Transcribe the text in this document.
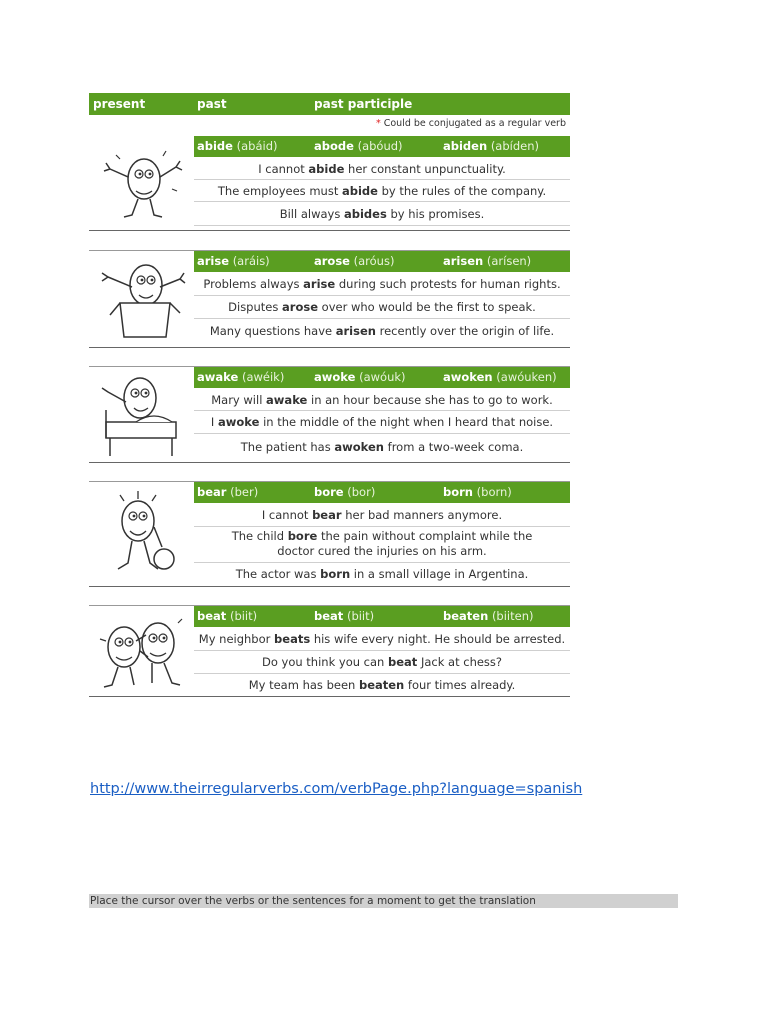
present	past	past participle
* Could be conjugated as a regular verb
abide (abáid)	abode (abóud)	abiden (abíden)
I cannot abide her constant unpunctuality.
The employees must abide by the rules of the company.
Bill always abides by his promises.
arise (aráis)	arose (aróus)	arisen (arísen)
Problems always arise during such protests for human rights.
Disputes arose over who would be the first to speak.
Many questions have arisen recently over the origin of life.
awake (awéik)	awoke (awóuk)	awoken (awóuken)
Mary will awake in an hour because she has to go to work.
I awoke in the middle of the night when I heard that noise.
The patient has awoken from a two-week coma.
bear (ber)	bore (bor)	born (born)
I cannot bear her bad manners anymore.
The child bore the pain without complaint while the doctor cured the injuries on his arm.
The actor was born in a small village in Argentina.
beat (biit)	beat (biit)	beaten (biiten)
My neighbor beats his wife every night. He should be arrested.
Do you think you can beat Jack at chess?
My team has been beaten four times already.
http://www.theirregularverbs.com/verbPage.php?language=spanish
Place the cursor over the verbs or the sentences for a moment to get the translation
